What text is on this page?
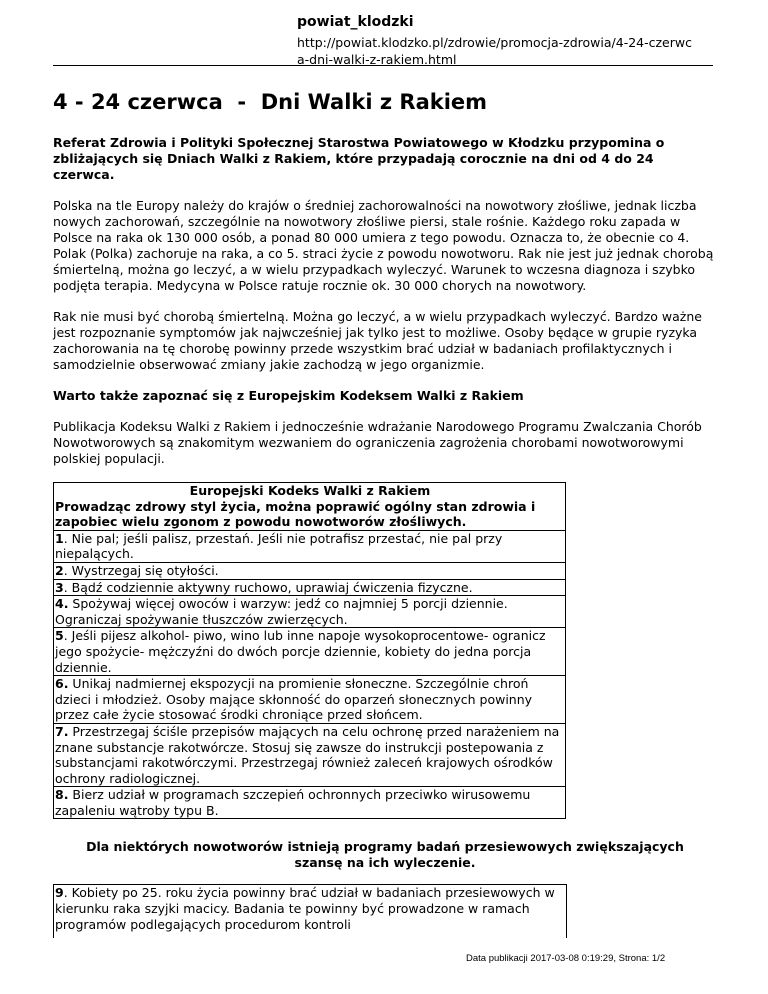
powiat_klodzki
http://powiat.klodzko.pl/zdrowie/promocja-zdrowia/4-24-czerwc
a-dni-walki-z-rakiem.html
4 - 24 czerwca  -  Dni Walki z Rakiem

Referat Zdrowia i Polityki Społecznej Starostwa Powiatowego w Kłodzku przypomina o zbliżających się Dniach Walki z Rakiem, które przypadają corocznie na dni od 4 do 24 czerwca.

Polska na tle Europy należy do krajów o średniej zachorowalności na nowotwory złośliwe, jednak liczba nowych zachorowań, szczególnie na nowotwory złośliwe piersi, stale rośnie. Każdego roku zapada w Polsce na raka ok 130 000 osób, a ponad 80 000 umiera z tego powodu. Oznacza to, że obecnie co 4. Polak (Polka) zachoruje na raka, a co 5. straci życie z powodu nowotworu. Rak nie jest już jednak chorobą śmiertelną, można go leczyć, a w wielu przypadkach wyleczyć. Warunek to wczesna diagnoza i szybko podjęta terapia. Medycyna w Polsce ratuje rocznie ok. 30 000 chorych na nowotwory.

Rak nie musi być chorobą śmiertelną. Można go leczyć, a w wielu przypadkach wyleczyć. Bardzo ważne jest rozpoznanie symptomów jak najwcześniej jak tylko jest to możliwe. Osoby będące w grupie ryzyka zachorowania na tę chorobę powinny przede wszystkim brać udział w badaniach profilaktycznych i samodzielnie obserwować zmiany jakie zachodzą w jego organizmie.

Warto także zapoznać się z Europejskim Kodeksem Walki z Rakiem

Publikacja Kodeksu Walki z Rakiem i jednocześnie wdrażanie Narodowego Programu Zwalczania Chorób Nowotworowych są znakomitym wezwaniem do ograniczenia zagrożenia chorobami nowotworowymi polskiej populacji.

Europejski Kodeks Walki z Rakiem
Prowadząc zdrowy styl życia, można poprawić ogólny stan zdrowia i zapobiec wielu zgonom z powodu nowotworów złośliwych.

1. Nie pal; jeśli palisz, przestań. Jeśli nie potrafisz przestać, nie pal przy niepalących.
2. Wystrzegaj się otyłości.
3. Bądź codziennie aktywny ruchowo, uprawiaj ćwiczenia fizyczne.
4. Spożywaj więcej owoców i warzyw: jedź co najmniej 5 porcji dziennie. Ograniczaj spożywanie tłuszczów zwierzęcych.
5. Jeśli pijesz alkohol- piwo, wino lub inne napoje wysokoprocentowe- ogranicz jego spożycie- mężczyźni do dwóch porcje dziennie, kobiety do jedna porcja dziennie.
6. Unikaj nadmiernej ekspozycji na promienie słoneczne. Szczególnie chroń dzieci i młodzież. Osoby mające skłonność do oparzeń słonecznych powinny przez całe życie stosować środki chroniące przed słońcem.
7. Przestrzegaj ściśle przepisów mających na celu ochronę przed narażeniem na znane substancje rakotwórcze. Stosuj się zawsze do instrukcji postepowania z substancjami rakotwórczymi. Przestrzegaj również zaleceń krajowych ośrodków ochrony radiologicznej.
8. Bierz udział w programach szczepień ochronnych przeciwko wirusowemu zapaleniu wątroby typu B.
Dla niektórych nowotworów istnieją programy badań przesiewowych zwiększających szansę na ich wyleczenie.
9. Kobiety po 25. roku życia powinny brać udział w badaniach przesiewowych w kierunku raka szyjki macicy. Badania te powinny być prowadzone w ramach programów podlegających procedurom kontroli
Data publikacji 2017-03-08 0:19:29, Strona: 1/2
